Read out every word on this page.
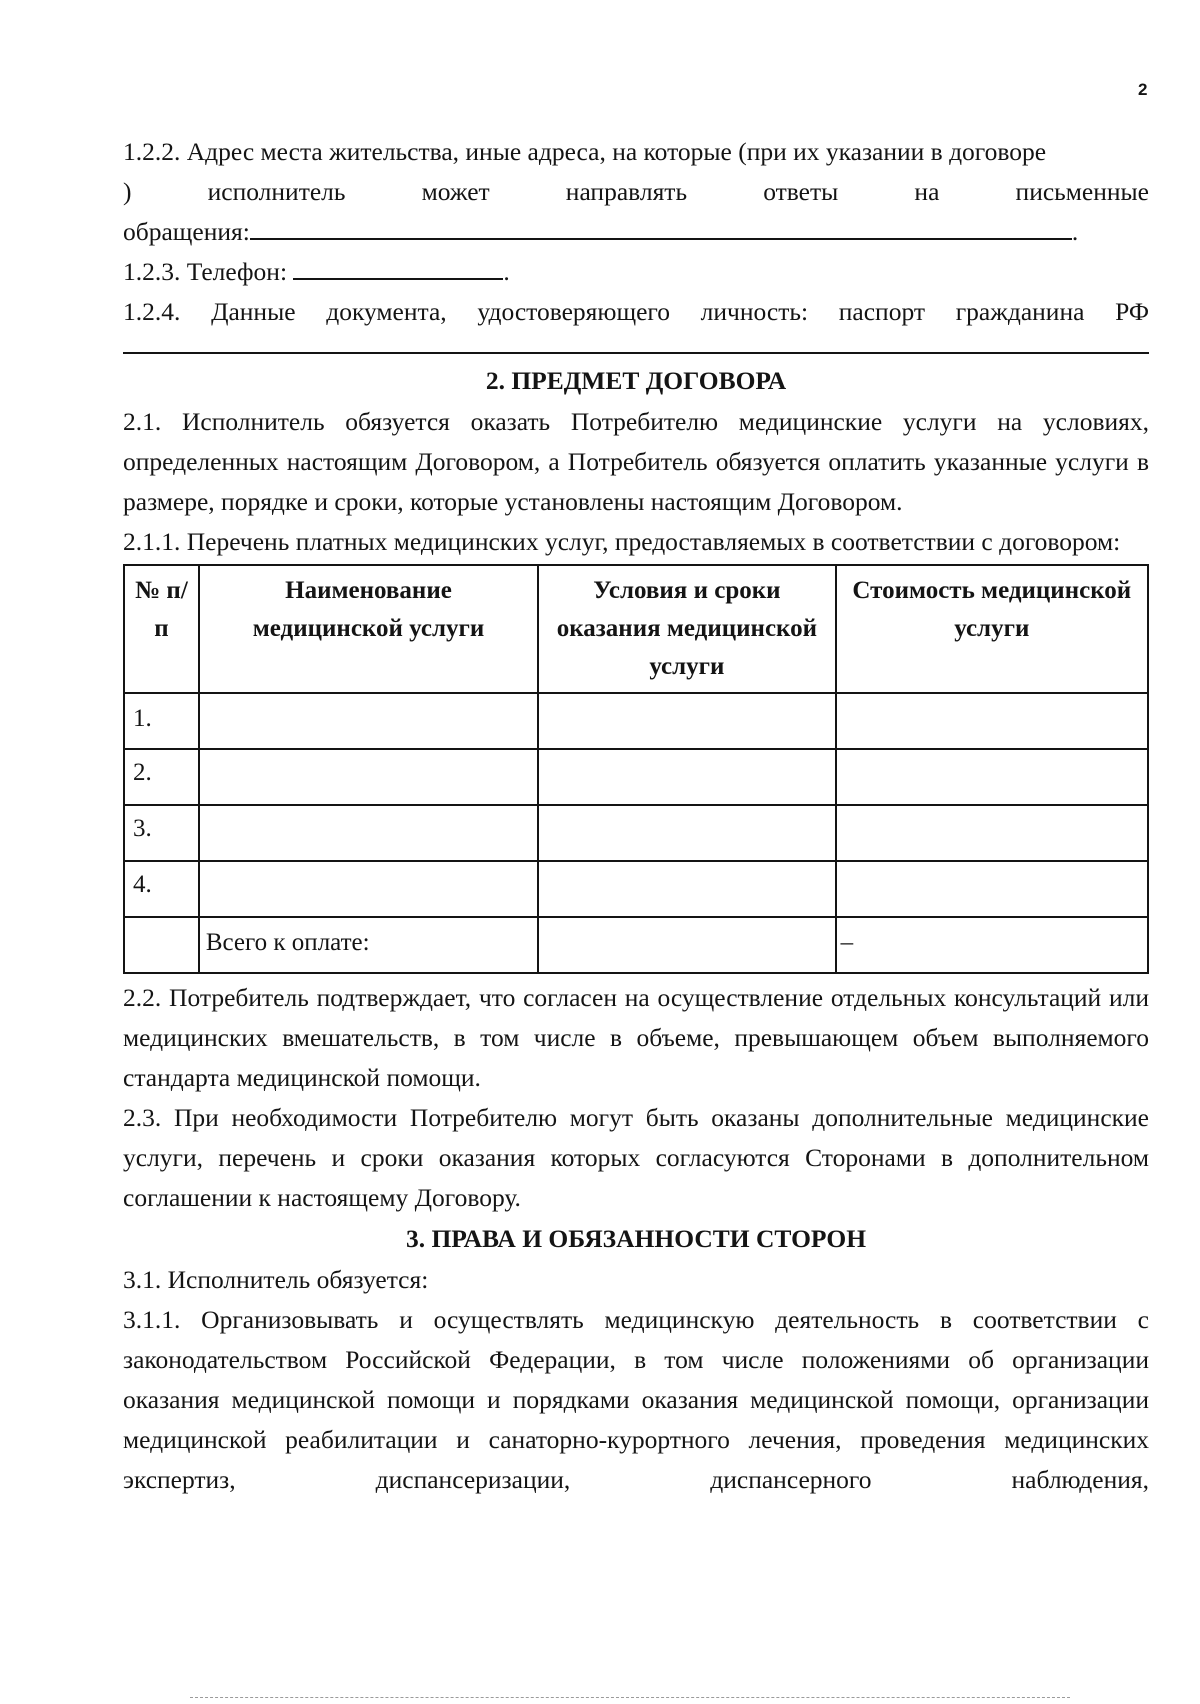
2

1.2.2. Адрес места жительства, иные адреса, на которые (при их указании в договоре

) исполнитель может направлять ответы на письменные

обращения:	.

1.2.3. Телефон:	.

1.2.4. Данные документа, удостоверяющего личность: паспорт гражданина РФ

2. ПРЕДМЕТ ДОГОВОРА

2.1. Исполнитель обязуется оказать Потребителю медицинские услуги на условиях, определенных настоящим Договором, а Потребитель обязуется оплатить указанные услуги в размере, порядке и сроки, которые установлены настоящим Договором.

2.1.1. Перечень платных медицинских услуг, предоставляемых в соответствии с договором:

№ п/п	Наименование медицинской услуги	Условия и сроки оказания медицинской услуги	Стоимость медицинской услуги
1.			
2.			
3.			
4.			
	Всего к оплате:		–

2.2. Потребитель подтверждает, что согласен на осуществление отдельных консультаций или медицинских вмешательств, в том числе в объеме, превышающем объем выполняемого стандарта медицинской помощи.

2.3. При необходимости Потребителю могут быть оказаны дополнительные медицинские услуги, перечень и сроки оказания которых согласуются Сторонами в дополнительном соглашении к настоящему Договору.

3. ПРАВА И ОБЯЗАННОСТИ СТОРОН

3.1. Исполнитель обязуется:

3.1.1. Организовывать и осуществлять медицинскую деятельность в соответствии с законодательством Российской Федерации, в том числе положениями об организации оказания медицинской помощи и порядками оказания медицинской помощи, организации медицинской реабилитации и санаторно-курортного лечения, проведения медицинских экспертиз, диспансеризации, диспансерного наблюдения,
